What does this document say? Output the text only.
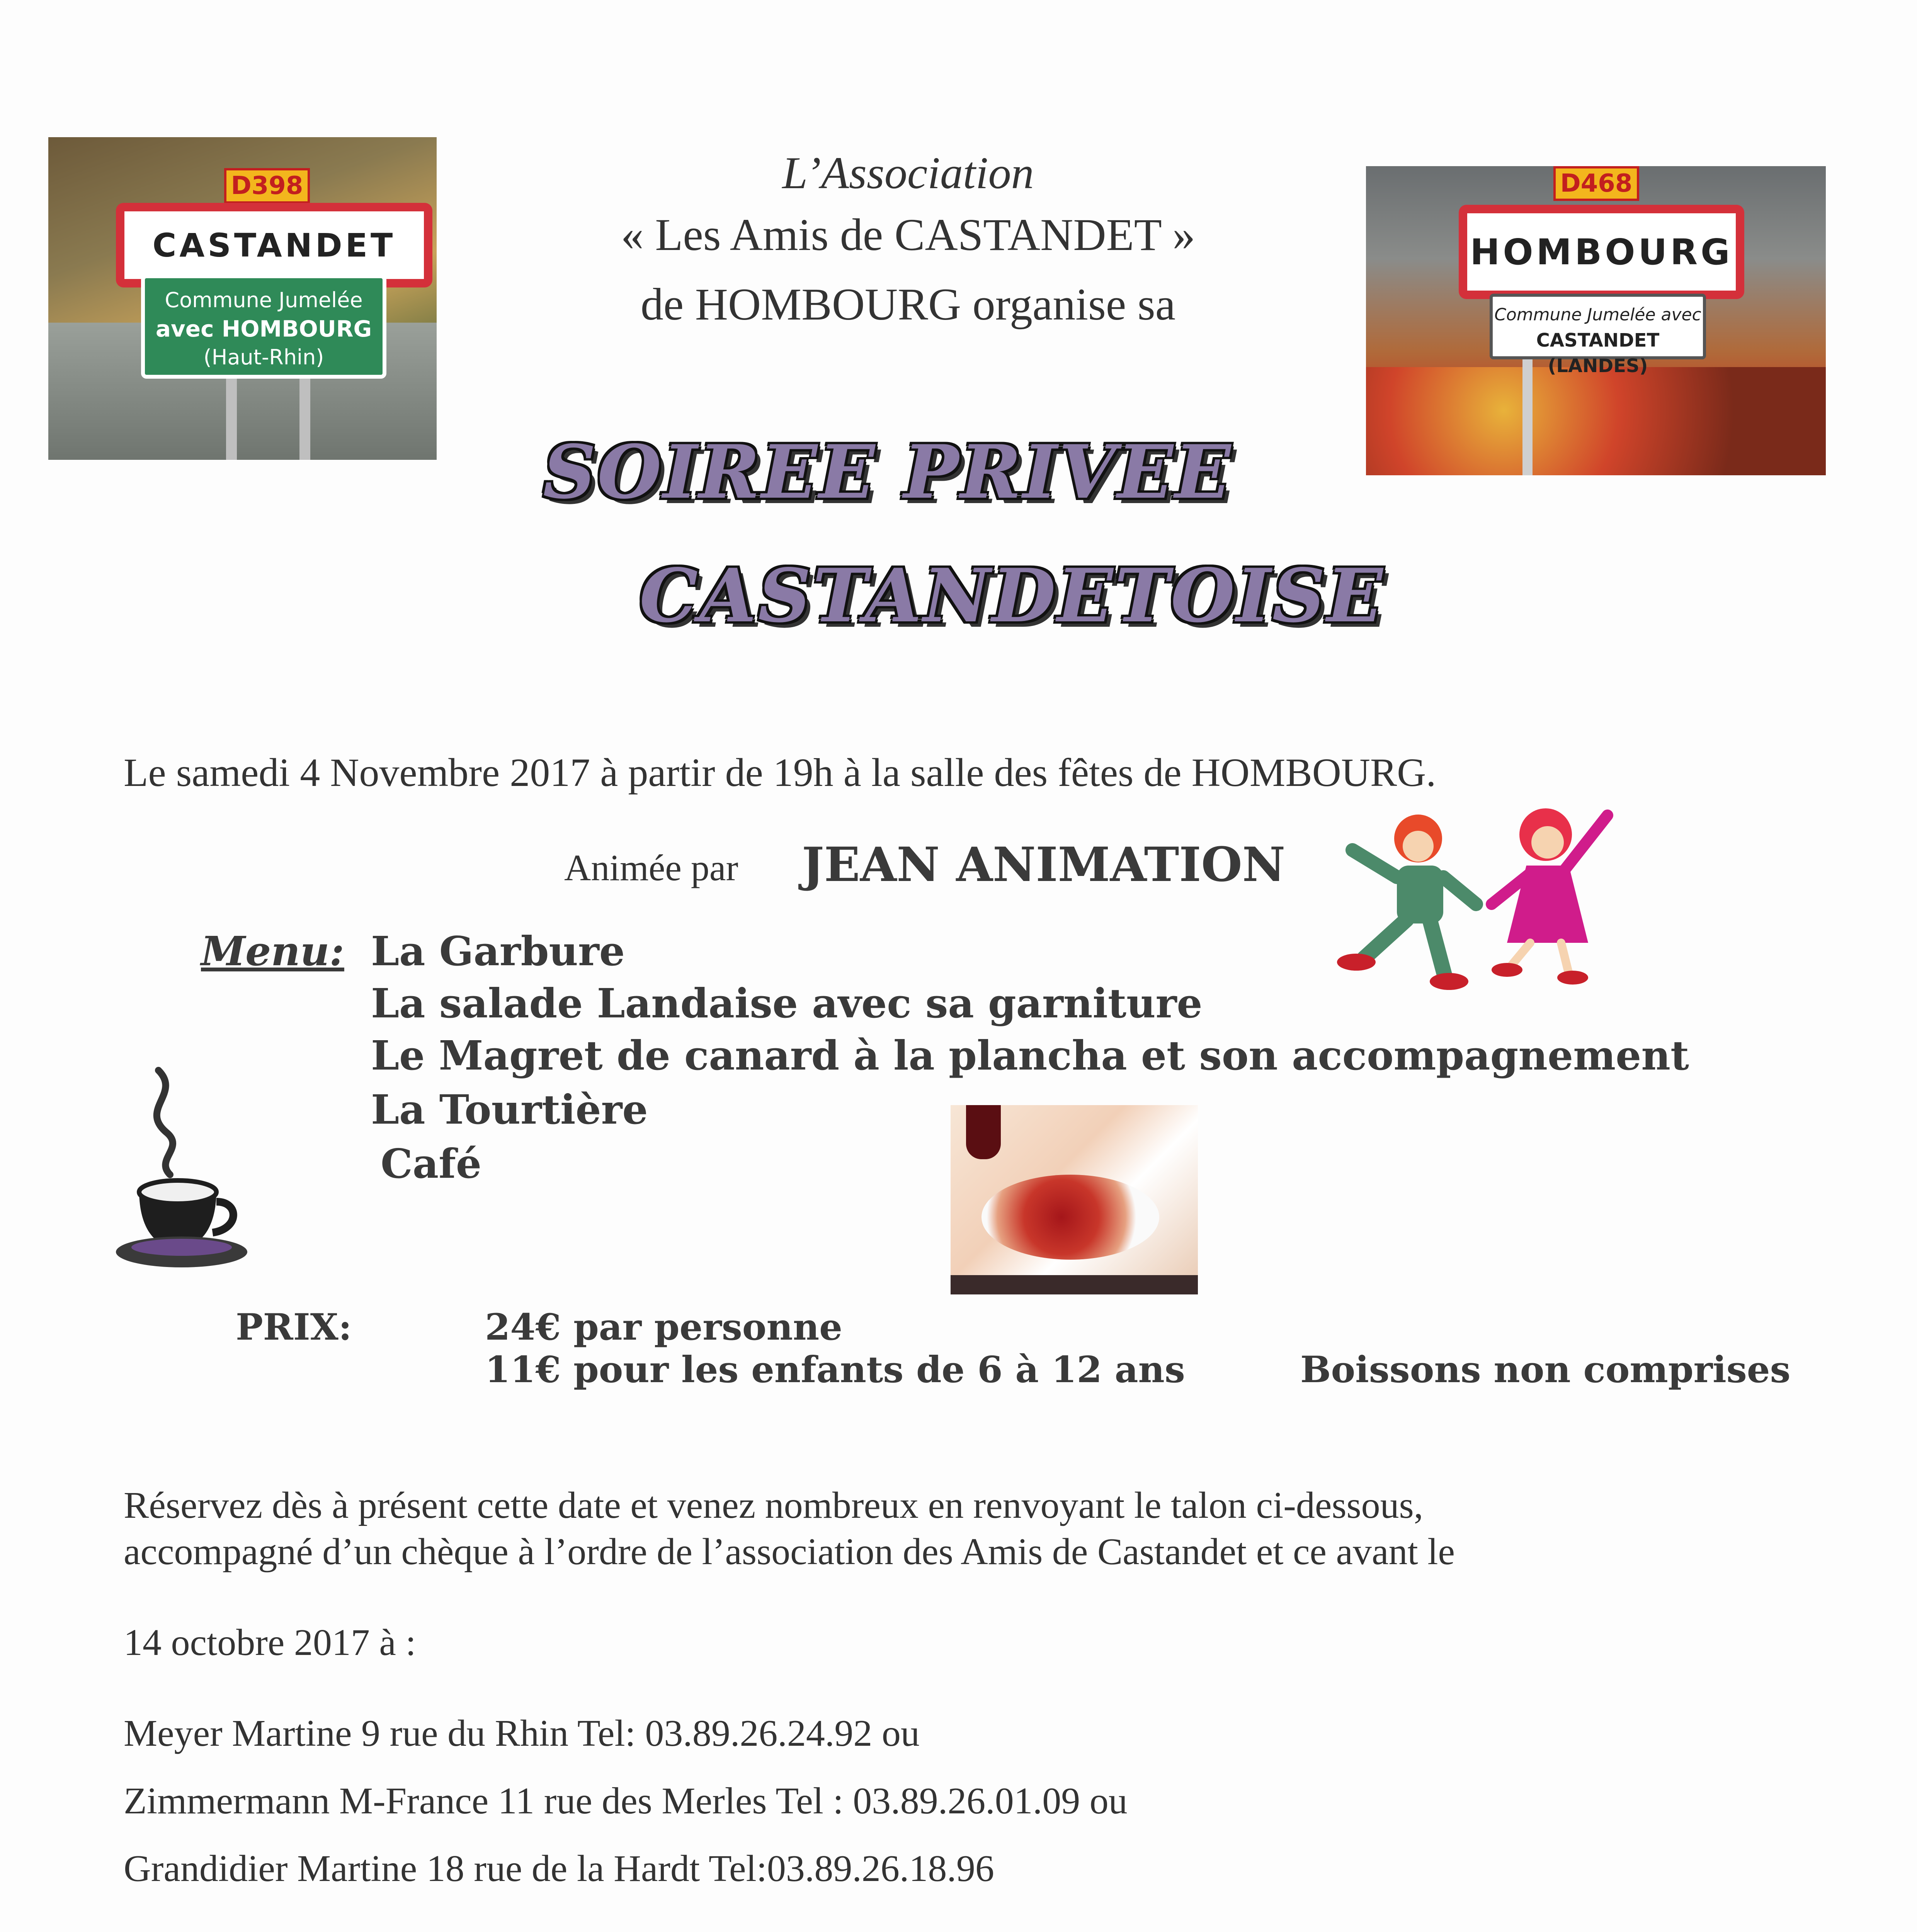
L’Association
« Les Amis de CASTANDET »
de HOMBOURG organise sa
D398
CASTANDET
Commune Jumelée
avec HOMBOURG
(Haut-Rhin)
D468
HOMBOURG
Commune Jumelée avec
CASTANDET (LANDES)
SOIREE PRIVEE
CASTANDETOISE
Le samedi 4 Novembre 2017 à partir de 19h à la salle des fêtes de HOMBOURG.
Animée par JEAN ANIMATION
Menu: La Garbure
La salade Landaise avec sa garniture
Le Magret de canard à la plancha et son accompagnement
La Tourtière
Café
PRIX:	24€ par personne
11€ pour les enfants de 6 à 12 ans	Boissons non comprises
Réservez dès à présent cette date et venez nombreux en renvoyant le talon ci-dessous,
accompagné d’un chèque à l’ordre de l’association des Amis de Castandet et ce avant le
14 octobre 2017 à :
Meyer Martine 9 rue du Rhin Tel: 03.89.26.24.92 ou
Zimmermann M-France 11 rue des Merles Tel : 03.89.26.01.09 ou
Grandidier Martine 18 rue de la Hardt Tel:03.89.26.18.96
